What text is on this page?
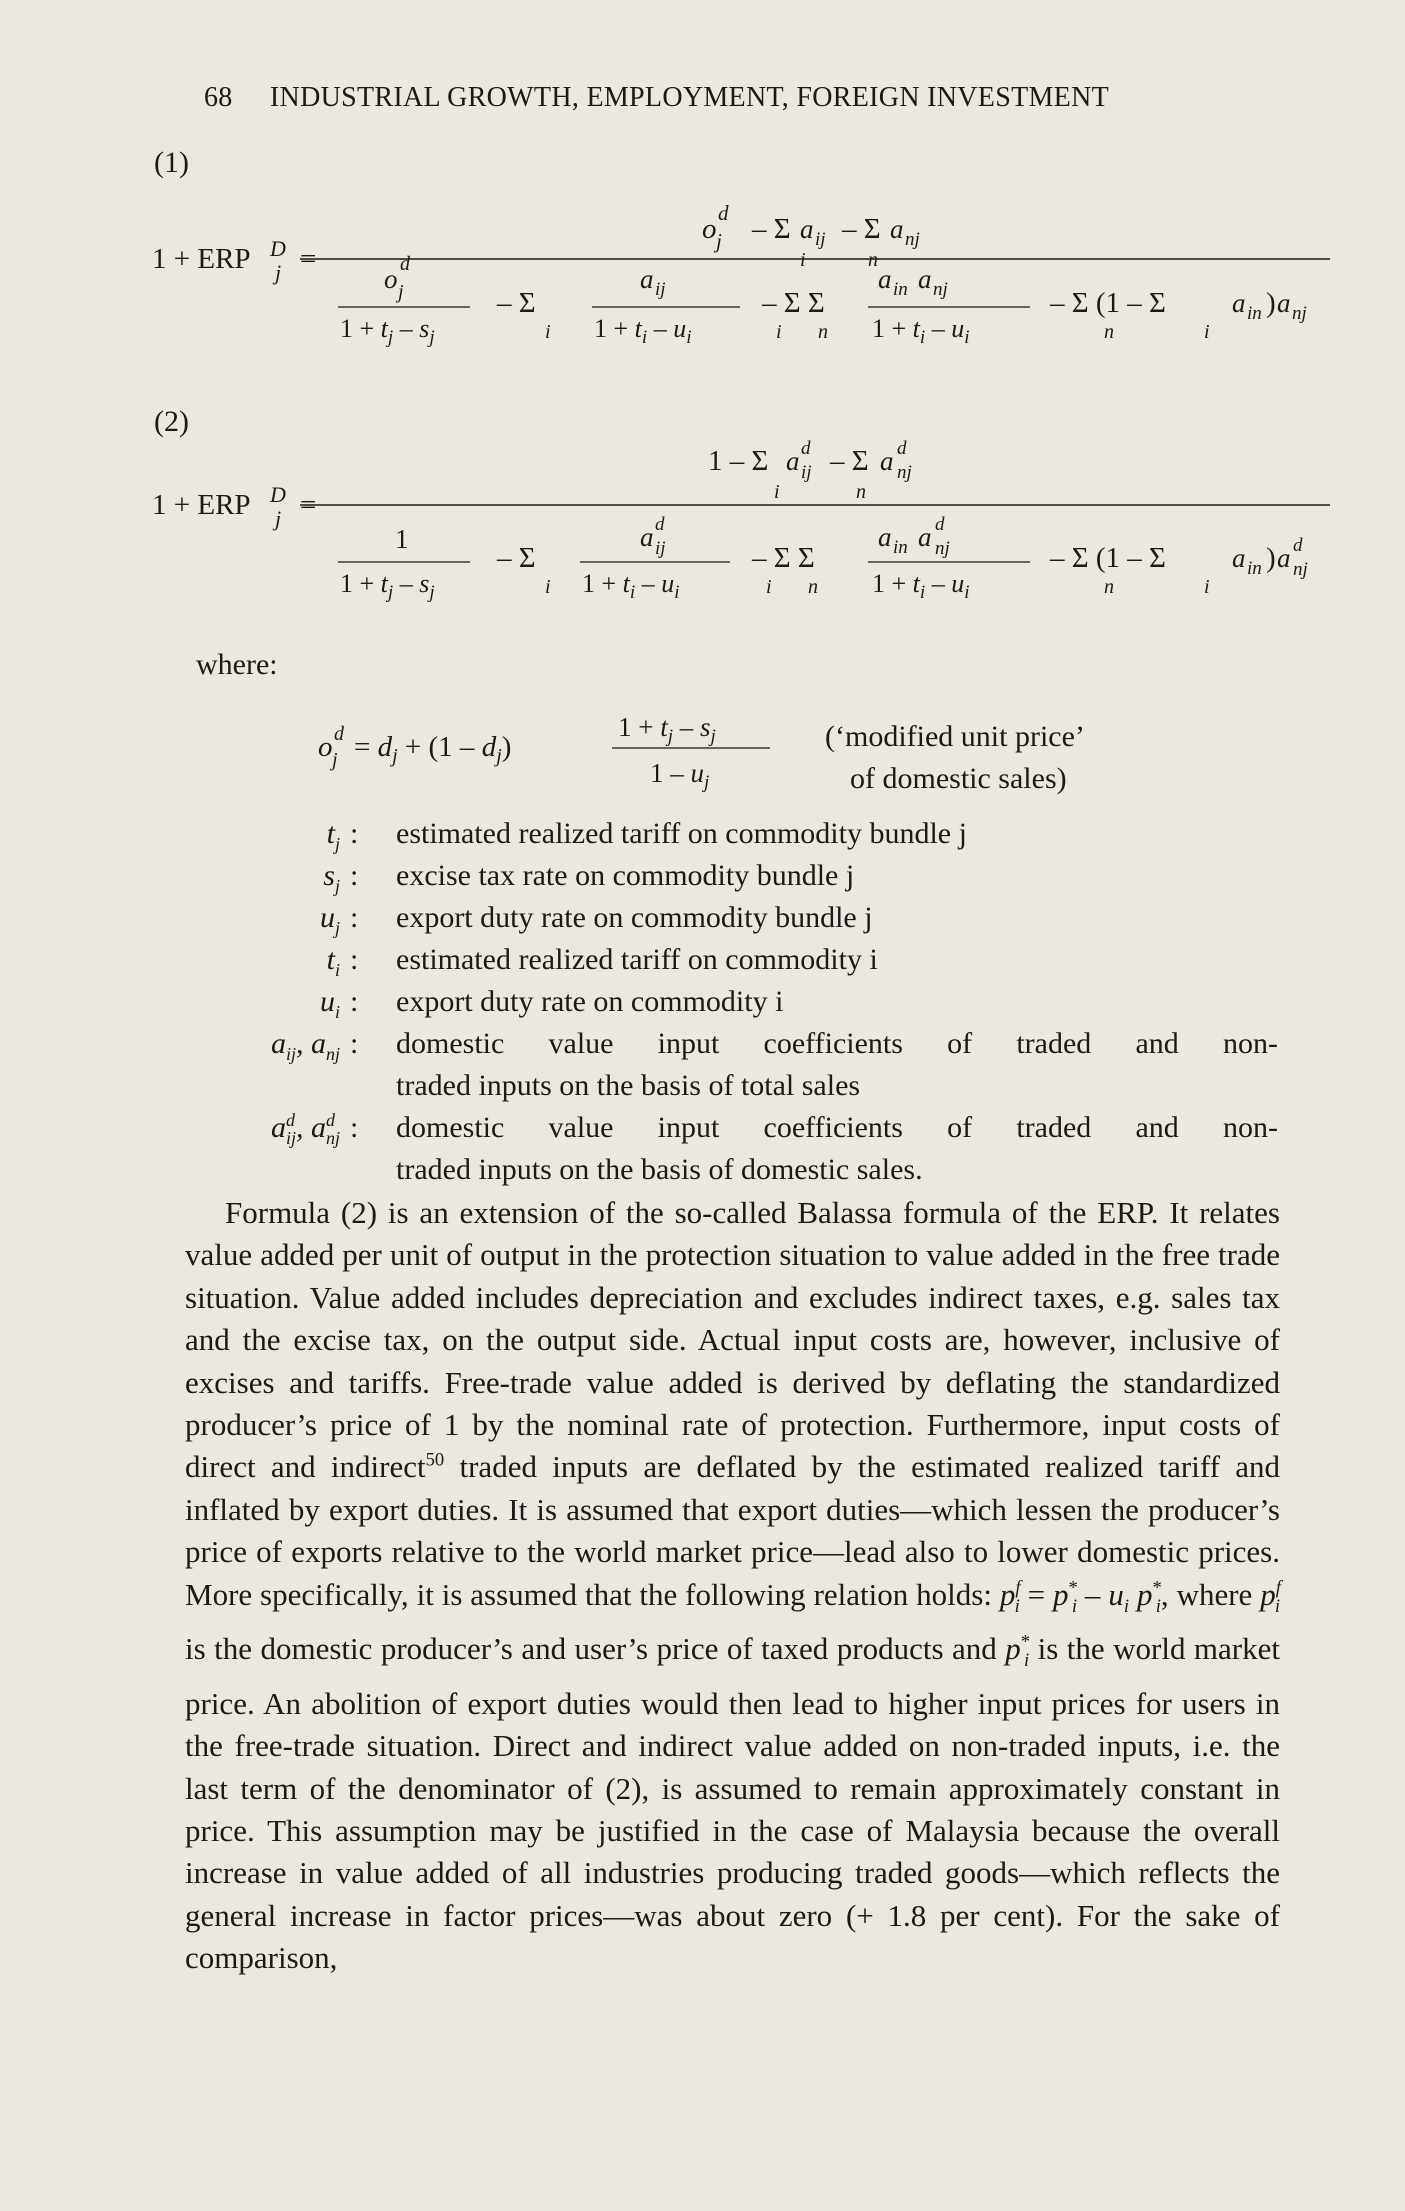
68 INDUSTRIAL GROWTH, EMPLOYMENT, FOREIGN INVESTMENT
(1)
1 + ERP D
j =
o d
j – Σ a ij – Σ a nj
i	n
o d
j
$1 + t_j - s_j$
– Σ
i
a ij
$1 + t_i - u_i$
– Σ Σ
i n
a in a nj
$1 + t_i - u_i$
– Σ (1 – Σ
n	i
a in ) a nj
(2)
1 + ERP D
j =
1 – Σ a d
ij – Σ a d
nj
i	n
1
$1 + t_j - s_j$
– Σ
i
a d
ij
$1 + t_i - u_i$
– Σ Σ
i n
a in a d
nj
$1 + t_i - u_i$
– Σ (1 – Σ
n	i
a in ) a d
nj
where:
o d
$j = d_j + (1 - d_j)$
$1 + t_j - s_j$
$1 - u_j$
(‘modified unit price’
of domestic sales)
$t_j$ : estimated realized tariff on commodity bundle j
$s_j$ : excise tax rate on commodity bundle j
$u_j$ : export duty rate on commodity bundle j
$t_i$ : estimated realized tariff on commodity i
$u_i$ : export duty rate on commodity i
$a_{ij}$, $a_{nj}$ : domestic value input coefficients of traded and non-
traded inputs on the basis of total sales
$a^d_{ij}$, $a^d_{nj}$ : domestic value input coefficients of traded and non-
traded inputs on the basis of domestic sales.

Formula (2) is an extension of the so-called Balassa formula of the ERP. It relates value added per unit of output in the protection situation to value added in the free trade situation. Value added includes depreciation and excludes indirect taxes, e.g. sales tax and the excise tax, on the output side. Actual input costs are, however, inclusive of excises and tariffs. Free-trade value added is derived by deflating the standardized producer’s price of 1 by the nominal rate of protection. Furthermore, input costs of direct and indirect$^{50}$ traded inputs are deflated by the estimated realized tariff and inflated by export duties. It is assumed that export duties—which lessen the producer’s price of exports relative to the world market price—lead also to lower domestic prices. More specifically, it is assumed that the following relation holds: $p^f_i = p^*_i - u_i$ $p^*_i$, where $p^f_i$ is the domestic producer’s and user’s price of taxed products and $p^*_i$ is the world market price. An abolition of export duties would then lead to higher input prices for users in the free-trade situation. Direct and indirect value added on non-traded inputs, i.e. the last term of the denominator of (2), is assumed to remain approximately constant in price. This assumption may be justified in the case of Malaysia because the overall increase in value added of all industries producing traded goods—which reflects the general increase in factor prices—was about zero (+ 1.8 per cent). For the sake of comparison,
